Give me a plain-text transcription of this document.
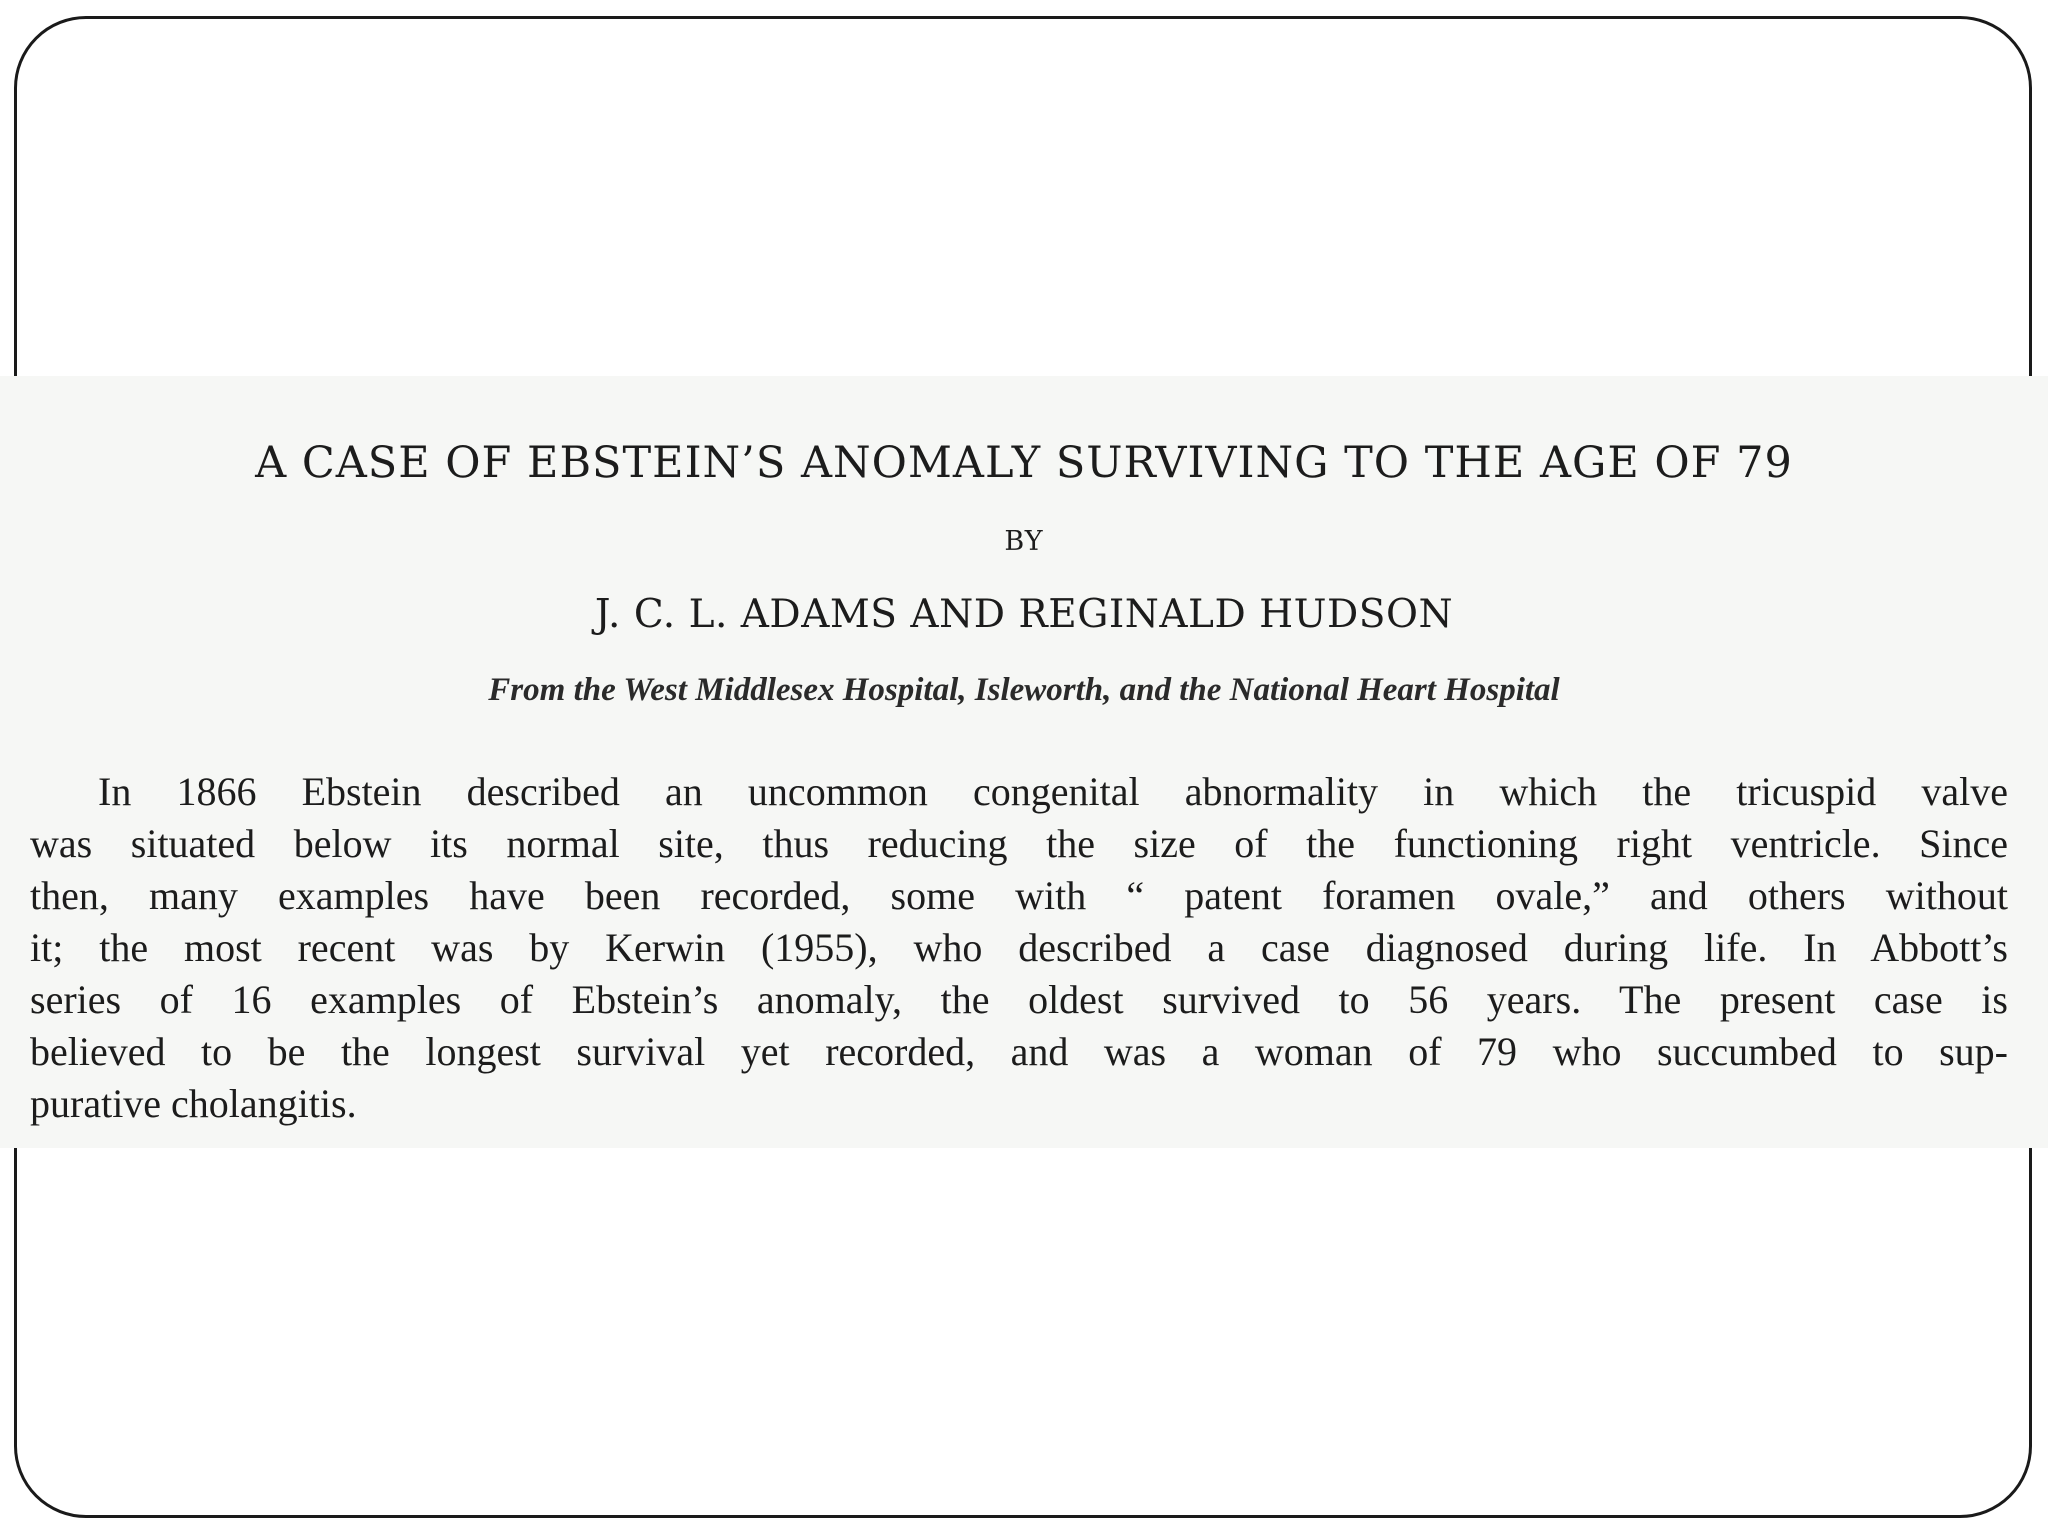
A CASE OF EBSTEIN’S ANOMALY SURVIVING TO THE AGE OF 79
BY
J. C. L. ADAMS AND REGINALD HUDSON
From the West Middlesex Hospital, Isleworth, and the National Heart Hospital
In 1866 Ebstein described an uncommon congenital abnormality in which the tricuspid valve
was situated below its normal site, thus reducing the size of the functioning right ventricle. Since
then, many examples have been recorded, some with “ patent foramen ovale,” and others without
it; the most recent was by Kerwin (1955), who described a case diagnosed during life. In Abbott’s
series of 16 examples of Ebstein’s anomaly, the oldest survived to 56 years. The present case is
believed to be the longest survival yet recorded, and was a woman of 79 who succumbed to sup-
purative cholangitis.
